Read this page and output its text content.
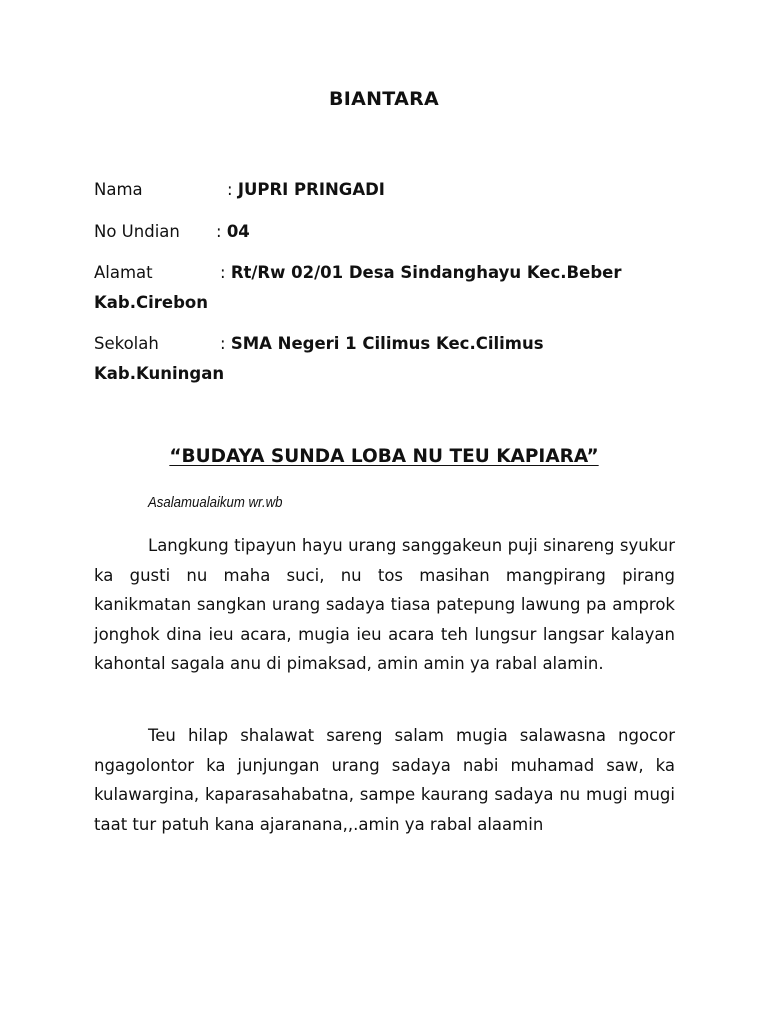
BIANTARA
Nama	: JUPRI PRINGADI
No Undian : 04
Alamat	: Rt/Rw 02/01 Desa Sindanghayu Kec.Beber Kab.Cirebon
Sekolah	: SMA Negeri 1 Cilimus Kec.Cilimus Kab.Kuningan
“BUDAYA SUNDA LOBA NU TEU KAPIARA”
Asalamualaikum wr.wb

Langkung tipayun hayu urang sanggakeun puji sinareng syukur ka gusti nu maha suci, nu tos masihan mangpirang pirang kanikmatan sangkan urang sadaya tiasa patepung lawung pa amprok jonghok dina ieu acara, mugia ieu acara teh lungsur langsar kalayan kahontal sagala anu di pimaksad, amin amin ya rabal alamin.

Teu hilap shalawat sareng salam mugia salawasna ngocor ngagolontor ka junjungan urang sadaya nabi muhamad saw, ka kulawargina, kaparasahabatna, sampe kaurang sadaya nu mugi mugi taat tur patuh kana ajaranana,,.amin ya rabal alaamin
